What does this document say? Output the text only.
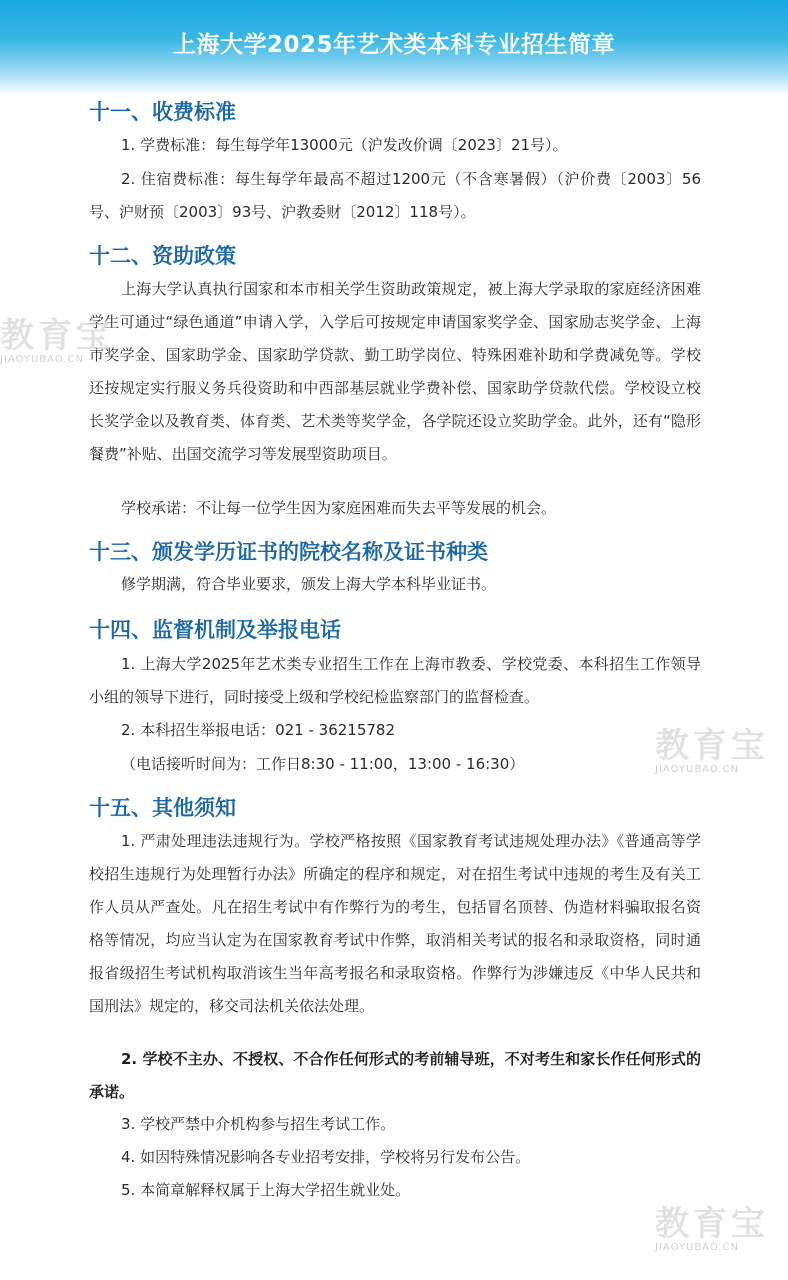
上海大学2025年艺术类本科专业招生简章
十一、收费标准
1. 学费标准：每生每学年13000元（沪发改价调〔2023〕21号）。
2. 住宿费标准：每生每学年最高不超过1200元（不含寒暑假）（沪价费〔2003〕56号、沪财预〔2003〕93号、沪教委财〔2012〕118号）。
十二、资助政策
上海大学认真执行国家和本市相关学生资助政策规定，被上海大学录取的家庭经济困难学生可通过“绿色通道”申请入学，入学后可按规定申请国家奖学金、国家励志奖学金、上海市奖学金、国家助学金、国家助学贷款、勤工助学岗位、特殊困难补助和学费减免等。学校还按规定实行服义务兵役资助和中西部基层就业学费补偿、国家助学贷款代偿。学校设立校长奖学金以及教育类、体育类、艺术类等奖学金，各学院还设立奖助学金。此外，还有“隐形餐费”补贴、出国交流学习等发展型资助项目。
学校承诺：不让每一位学生因为家庭困难而失去平等发展的机会。
十三、颁发学历证书的院校名称及证书种类
修学期满，符合毕业要求，颁发上海大学本科毕业证书。
十四、监督机制及举报电话
1. 上海大学2025年艺术类专业招生工作在上海市教委、学校党委、本科招生工作领导小组的领导下进行，同时接受上级和学校纪检监察部门的监督检查。
2. 本科招生举报电话：021 - 36215782
（电话接听时间为：工作日8:30 - 11:00，13:00 - 16:30）
十五、其他须知
1. 严肃处理违法违规行为。学校严格按照《国家教育考试违规处理办法》《普通高等学校招生违规行为处理暂行办法》所确定的程序和规定，对在招生考试中违规的考生及有关工作人员从严查处。凡在招生考试中有作弊行为的考生，包括冒名顶替、伪造材料骗取报名资格等情况，均应当认定为在国家教育考试中作弊，取消相关考试的报名和录取资格，同时通报省级招生考试机构取消该生当年高考报名和录取资格。作弊行为涉嫌违反《中华人民共和国刑法》规定的，移交司法机关依法处理。
2. 学校不主办、不授权、不合作任何形式的考前辅导班，不对考生和家长作任何形式的承诺。
3. 学校严禁中介机构参与招生考试工作。
4. 如因特殊情况影响各专业招考安排，学校将另行发布公告。
5. 本简章解释权属于上海大学招生就业处。
教育宝
JIAOYUBAO.CN
教育宝
JIAOYUBAO.CN
教育宝
JIAOYUBAO.CN
